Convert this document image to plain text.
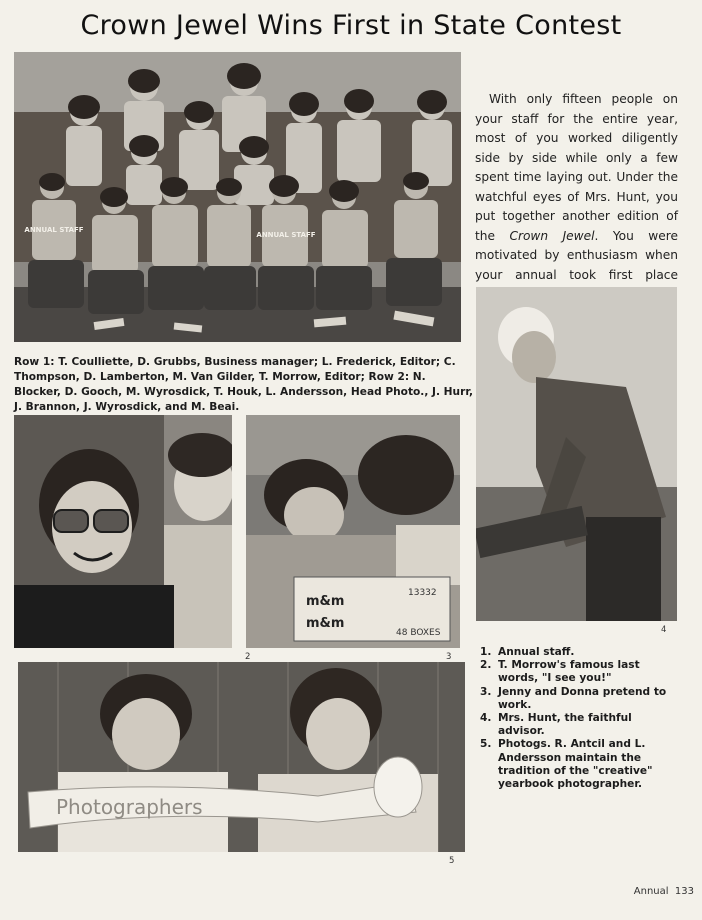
Crown Jewel Wins First in State Contest
ANNUAL STAFF
ANNUAL STAFF

With only fifteen people on your staff for the entire year, most of you worked diligently side by side while only a few spent time laying out. Under the watchful eyes of Mrs. Hunt, you put together another edition of the Crown Jewel. You were motivated by enthusiasm when your annual took first place

Row 1: T. Coulliette, D. Grubbs, Business manager; L. Frederick, Editor; C. Thompson, D. Lamberton, M. Van Gilder, T. Morrow, Editor; Row 2: N. Blocker, D. Gooch, M. Wyrosdick, T. Houk, L. Andersson, Head Photo., J. Hurr, J. Brannon, J. Wyrosdick, and M. Beai.
2
m&m
m&m
13332
48 BOXES
3
4
Photographers
5
1. Annual staff.
2. T. Morrow's famous last words, "I see you!"
3. Jenny and Donna pretend to work.
4. Mrs. Hunt, the faithful advisor.
5. Photogs. R. Antcil and L. Andersson maintain the tradition of the "creative" yearbook photographer.
Annual 133
